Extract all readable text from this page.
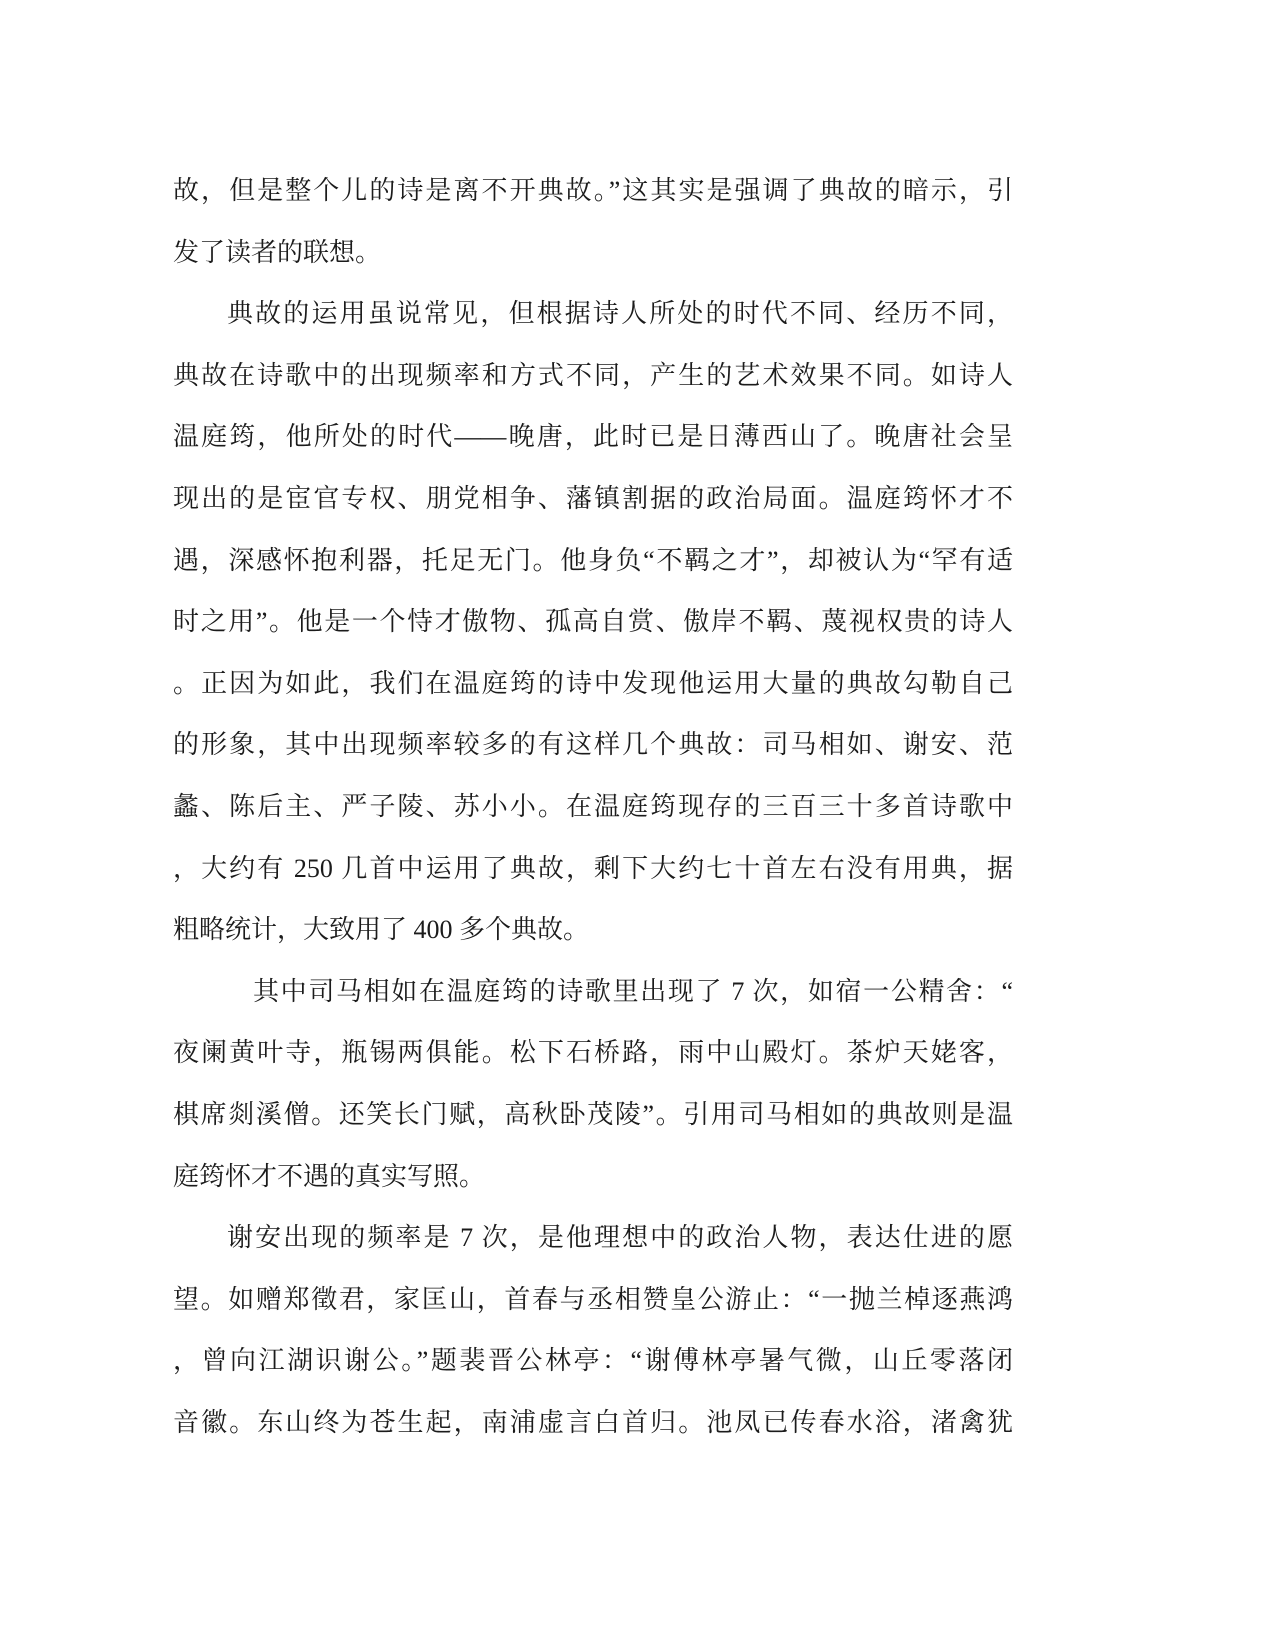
故，但是整个儿的诗是离不开典故。”这其实是强调了典故的暗示，引
发了读者的联想。
典故的运用虽说常见，但根据诗人所处的时代不同、经历不同，
典故在诗歌中的出现频率和方式不同，产生的艺术效果不同。如诗人
温庭筠，他所处的时代——晚唐，此时已是日薄西山了。晚唐社会呈
现出的是宦官专权、朋党相争、藩镇割据的政治局面。温庭筠怀才不
遇，深感怀抱利器，托足无门。他身负“不羁之才”，却被认为“罕有适
时之用”。他是一个恃才傲物、孤高自赏、傲岸不羁、蔑视权贵的诗人
。正因为如此，我们在温庭筠的诗中发现他运用大量的典故勾勒自己
的形象，其中出现频率较多的有这样几个典故：司马相如、谢安、范
蠡、陈后主、严子陵、苏小小。在温庭筠现存的三百三十多首诗歌中
，大约有 250 几首中运用了典故，剩下大约七十首左右没有用典，据
粗略统计，大致用了 400 多个典故。
其中司马相如在温庭筠的诗歌里出现了 7 次，如宿一公精舍：“
夜阑黄叶寺，瓶锡两俱能。松下石桥路，雨中山殿灯。茶炉天姥客，
棋席剡溪僧。还笑长门赋，高秋卧茂陵”。引用司马相如的典故则是温
庭筠怀才不遇的真实写照。
谢安出现的频率是 7 次，是他理想中的政治人物，表达仕进的愿
望。如赠郑徵君，家匡山，首春与丞相赞皇公游止：“一抛兰棹逐燕鸿
，曾向江湖识谢公。”题裴晋公林亭：“谢傅林亭暑气微，山丘零落闭
音徽。东山终为苍生起，南浦虚言白首归。池凤已传春水浴，渚禽犹
